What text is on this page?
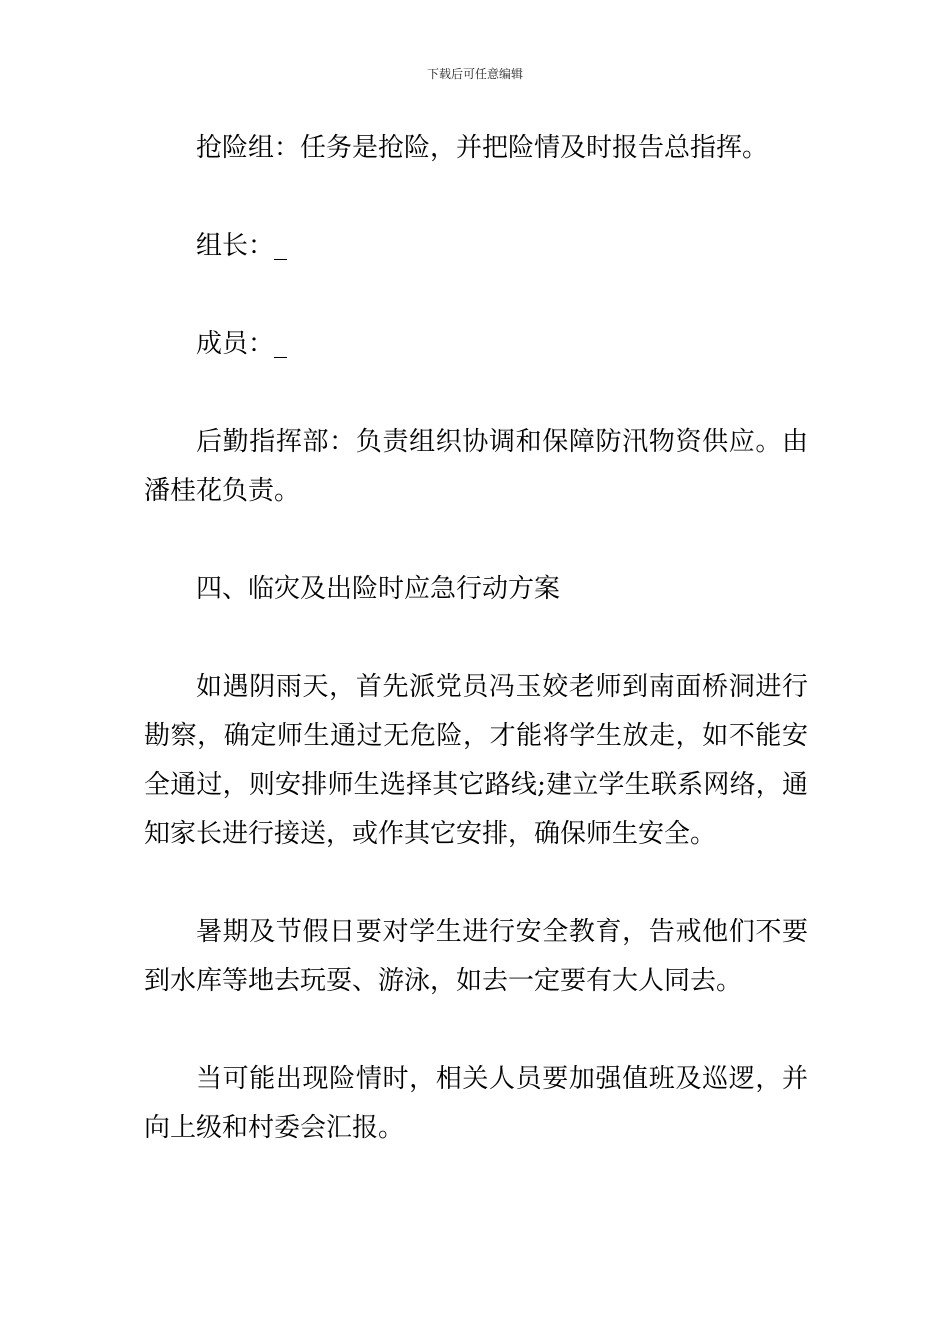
下载后可任意编辑

抢险组：任务是抢险，并把险情及时报告总指挥。

组长：_

成员：_

后勤指挥部：负责组织协调和保障防汛物资供应。由潘桂花负责。

四、临灾及出险时应急行动方案

如遇阴雨天，首先派党员冯玉姣老师到南面桥洞进行勘察，确定师生通过无危险，才能将学生放走，如不能安全通过，则安排师生选择其它路线;建立学生联系网络，通知家长进行接送，或作其它安排，确保师生安全。

暑期及节假日要对学生进行安全教育，告戒他们不要到水库等地去玩耍、游泳，如去一定要有大人同去。

当可能出现险情时，相关人员要加强值班及巡逻，并向上级和村委会汇报。
